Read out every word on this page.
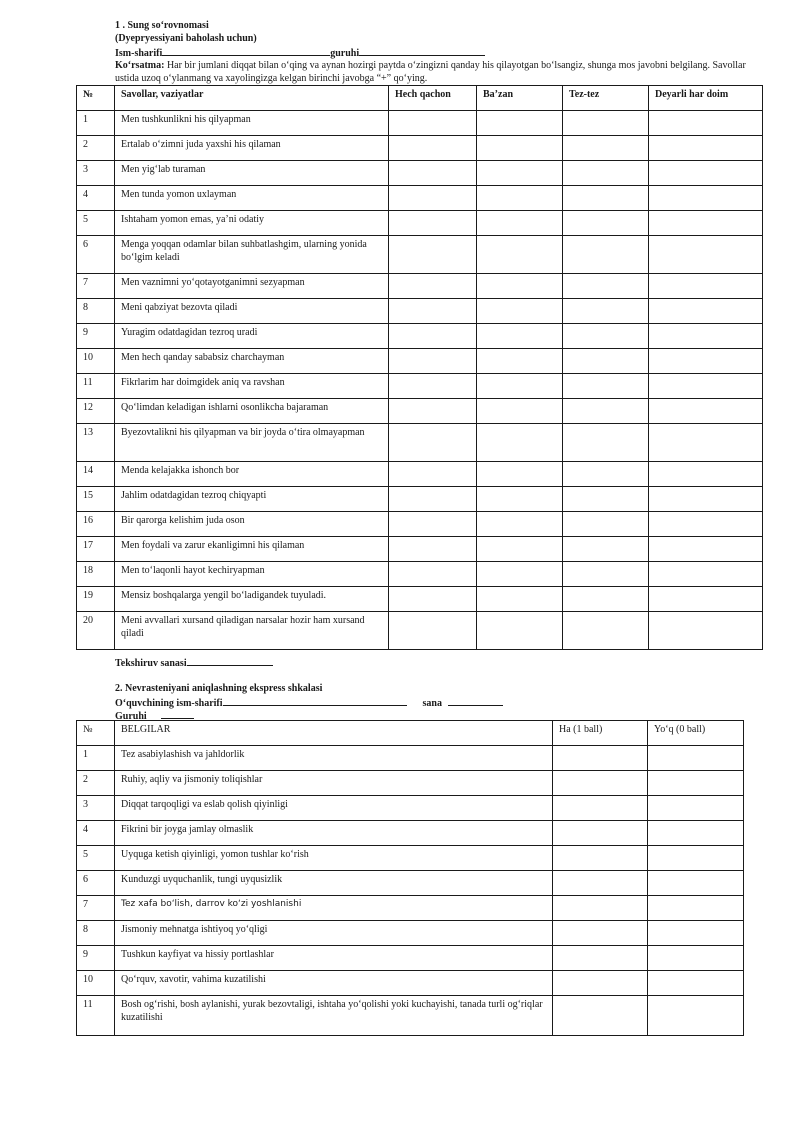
1 . Sung so‘rovnomasi
(Dyepryessiyani baholash uchun)
Ism-sharifi	guruhi
Ko‘rsatma: Har bir jumlani diqqat bilan o‘qing va aynan hozirgi paytda o‘zingizni qanday his qilayotgan bo‘lsangiz, shunga mos javobni belgilang. Savollar ustida uzoq o‘ylanmang va xayolingizga kelgan birinchi javobga “+” qo‘ying.
№	Savollar, vaziyatlar	Hech qachon	Ba’zan	Tez-tez	Deyarli har doim
1	Men tushkunlikni his qilyapman				
2	Ertalab o‘zimni juda yaxshi his qilaman				
3	Men yig‘lab turaman				
4	Men tunda yomon uxlayman				
5	Ishtaham yomon emas, ya’ni odatiy				
6	Menga yoqqan odamlar bilan suhbatlashgim, ularning yonida bo‘lgim keladi				
7	Men vaznimni yo‘qotayotganimni sezyapman				
8	Meni qabziyat bezovta qiladi				
9	Yuragim odatdagidan tezroq uradi				
10	Men hech qanday sababsiz charchayman				
11	Fikrlarim har doimgidek aniq va ravshan				
12	Qo‘limdan keladigan ishlarni osonlikcha bajaraman				
13	Byezovtalikni his qilyapman va bir joyda o‘tira olmayapman				
14	Menda kelajakka ishonch bor				
15	Jahlim odatdagidan tezroq chiqyapti				
16	Bir qarorga kelishim juda oson				
17	Men foydali va zarur ekanligimni his qilaman				
18	Men to‘laqonli hayot kechiryapman				
19	Mensiz boshqalarga yengil bo‘ladigandek tuyuladi.				
20	Meni avvallari xursand qiladigan narsalar hozir ham xursand qiladi				
Tekshiruv sanasi
2. Nevrasteniyani aniqlashning ekspress shkalasi
O‘quvchining ism-sharifi	sana
Guruhi
№	BELGILAR	Ha (1 ball)	Yo‘q (0 ball)
1	Tez asabiylashish va jahldorlik		
2	Ruhiy, aqliy va jismoniy toliqishlar		
3	Diqqat tarqoqligi va eslab qolish qiyinligi		
4	Fikrini bir joyga jamlay olmaslik		
5	Uyquga ketish qiyinligi, yomon tushlar ko‘rish		
6	Kunduzgi uyquchanlik, tungi uyqusizlik		
7	Tez xafa bo‘lish, darrov ko‘zi yoshlanishi		
8	Jismoniy mehnatga ishtiyoq yo‘qligi		
9	Tushkun kayfiyat va hissiy portlashlar		
10	Qo‘rquv, xavotir, vahima kuzatilishi		
11	Bosh og‘rishi, bosh aylanishi, yurak bezovtaligi, ishtaha yo‘qolishi yoki kuchayishi, tanada turli og‘riqlar kuzatilishi		
